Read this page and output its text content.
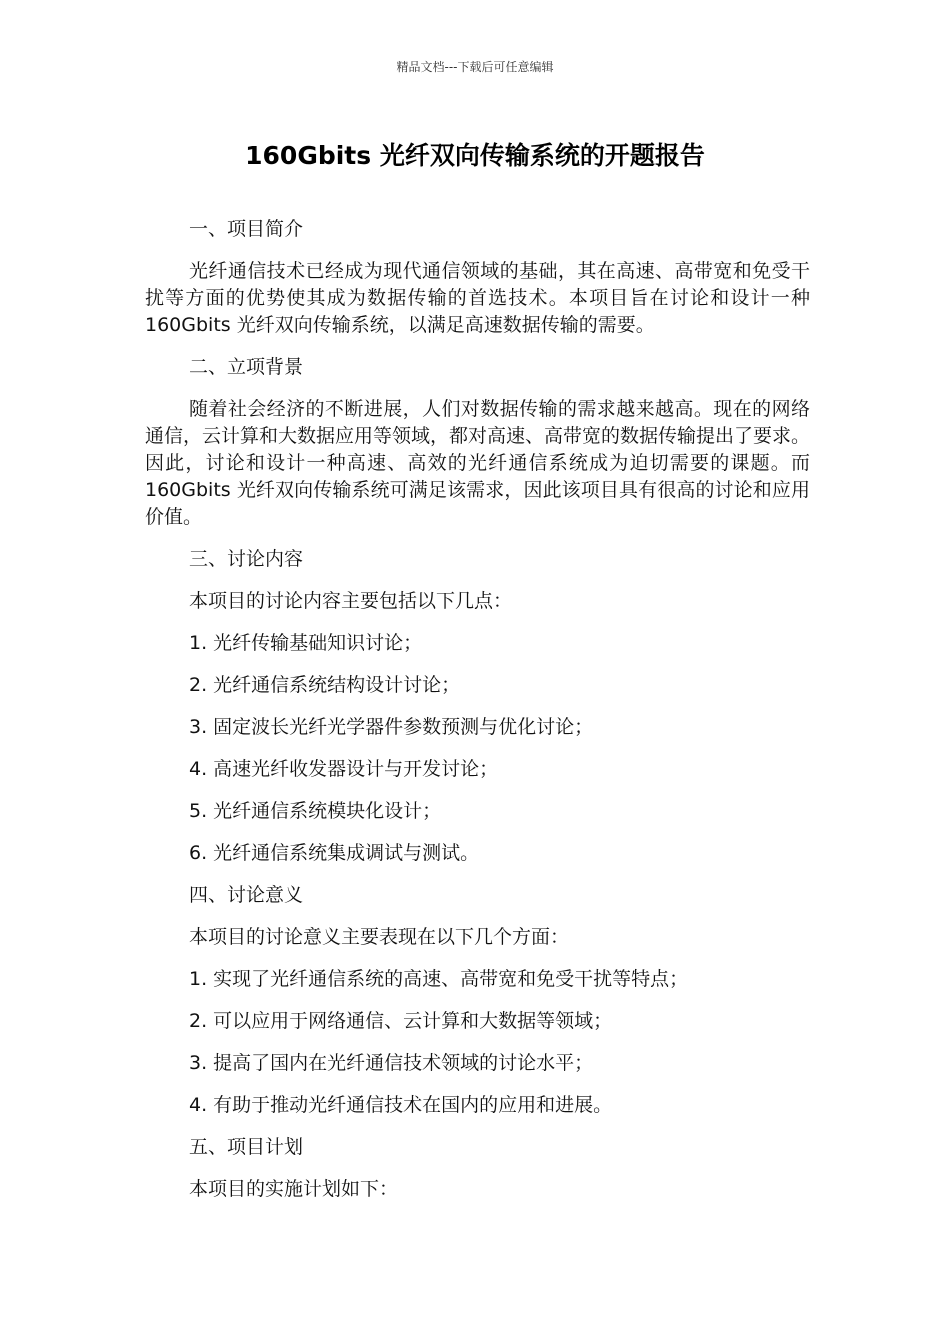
精品文档---下载后可任意编辑
160Gbits 光纤双向传输系统的开题报告

一、项目简介

光纤通信技术已经成为现代通信领域的基础，其在高速、高带宽和免受干扰等方面的优势使其成为数据传输的首选技术。本项目旨在讨论和设计一种 160Gbits 光纤双向传输系统，以满足高速数据传输的需要。

二、立项背景

随着社会经济的不断进展，人们对数据传输的需求越来越高。现在的网络通信，云计算和大数据应用等领域，都对高速、高带宽的数据传输提出了要求。因此，讨论和设计一种高速、高效的光纤通信系统成为迫切需要的课题。而 160Gbits 光纤双向传输系统可满足该需求，因此该项目具有很高的讨论和应用价值。

三、讨论内容

本项目的讨论内容主要包括以下几点：

1. 光纤传输基础知识讨论；

2. 光纤通信系统结构设计讨论；

3. 固定波长光纤光学器件参数预测与优化讨论；

4. 高速光纤收发器设计与开发讨论；

5. 光纤通信系统模块化设计；

6. 光纤通信系统集成调试与测试。

四、讨论意义

本项目的讨论意义主要表现在以下几个方面：

1. 实现了光纤通信系统的高速、高带宽和免受干扰等特点；

2. 可以应用于网络通信、云计算和大数据等领域；

3. 提高了国内在光纤通信技术领域的讨论水平；

4. 有助于推动光纤通信技术在国内的应用和进展。

五、项目计划

本项目的实施计划如下：
